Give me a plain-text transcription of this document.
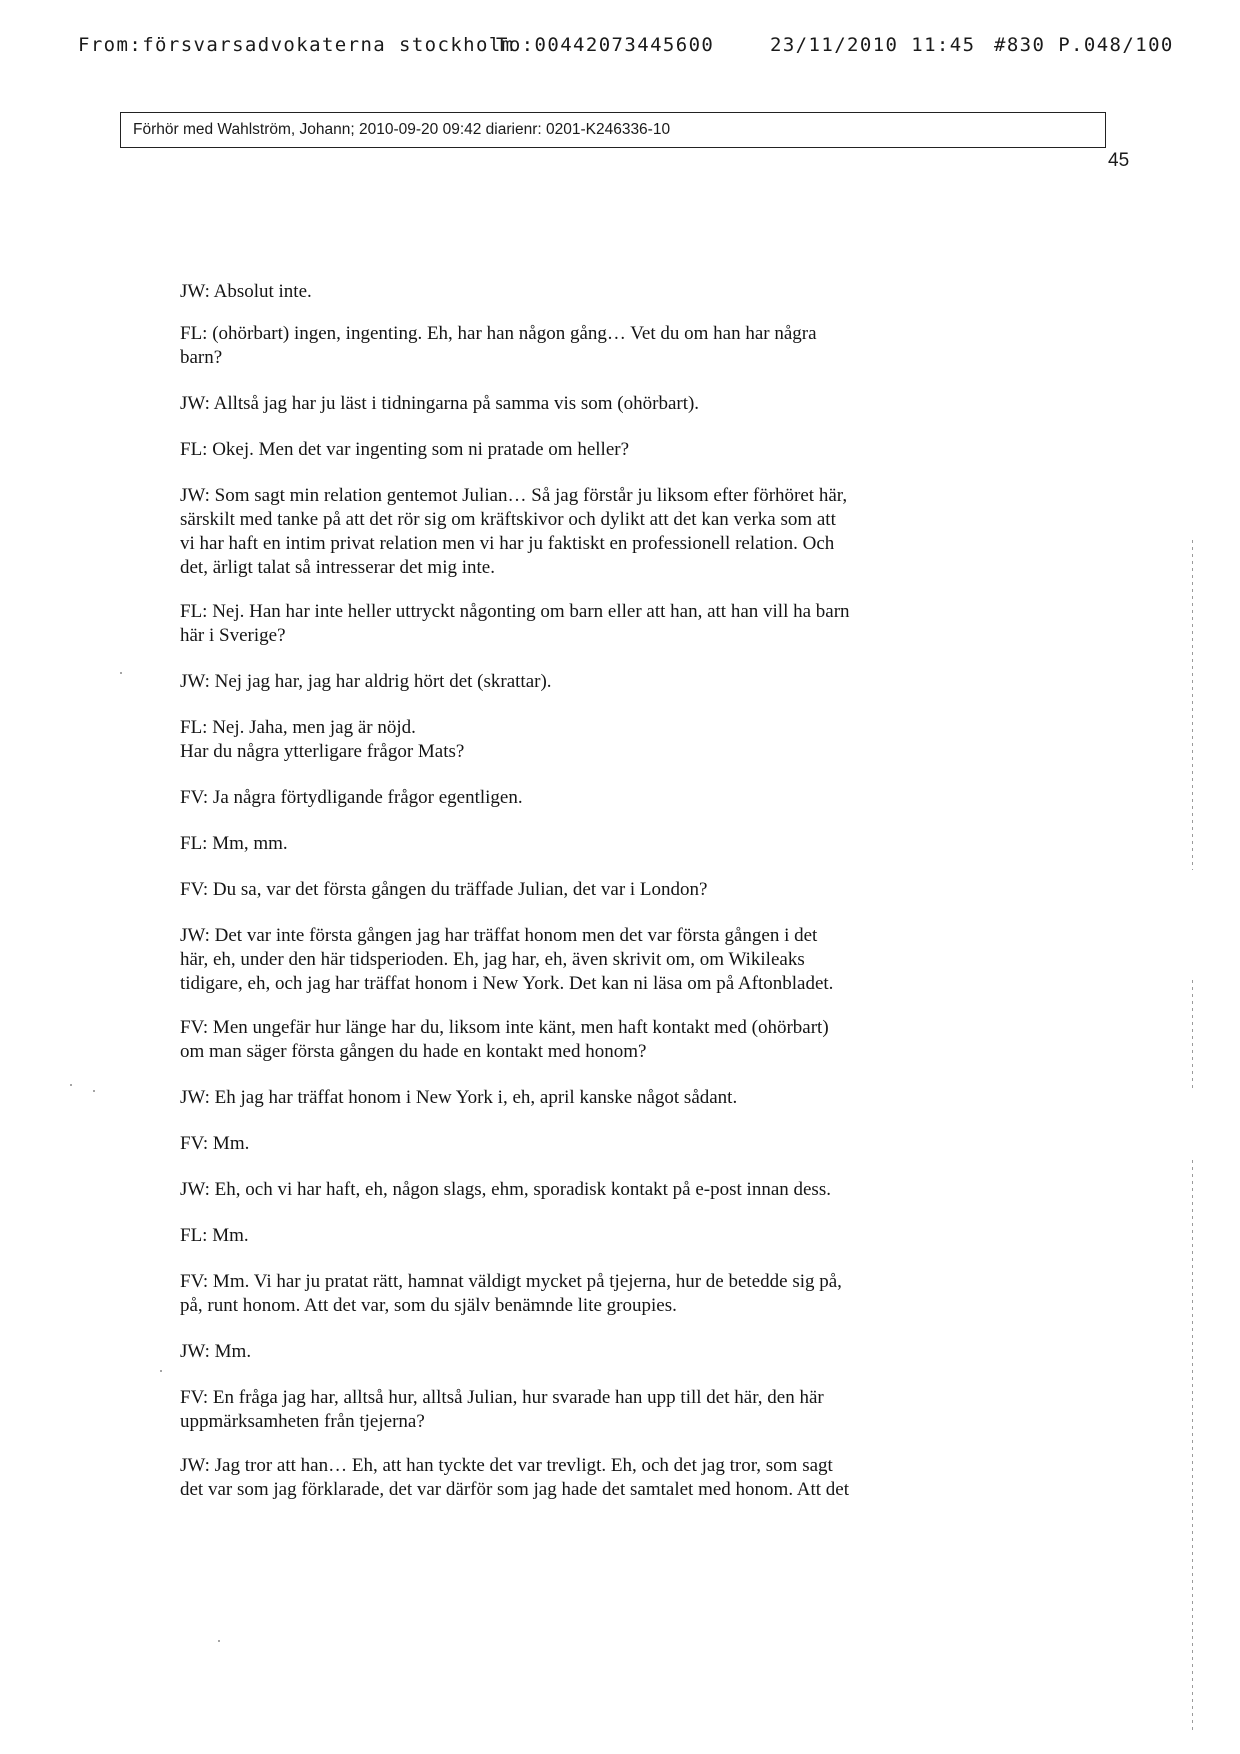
From:försvarsadvokaterna stockholm
To:00442073445600	23/11/2010 11:45 #830 P.048/100
Förhör med Wahlström, Johann; 2010-09-20 09:42 diarienr: 0201-K246336-10
45

JW: Absolut inte.

FL: (ohörbart) ingen, ingenting. Eh, har han någon gång… Vet du om han har några
barn?

JW: Alltså jag har ju läst i tidningarna på samma vis som (ohörbart).

FL: Okej. Men det var ingenting som ni pratade om heller?

JW: Som sagt min relation gentemot Julian… Så jag förstår ju liksom efter förhöret här,
särskilt med tanke på att det rör sig om kräftskivor och dylikt att det kan verka som att
vi har haft en intim privat relation men vi har ju faktiskt en professionell relation. Och
det, ärligt talat så intresserar det mig inte.

FL: Nej. Han har inte heller uttryckt någonting om barn eller att han, att han vill ha barn
här i Sverige?

JW: Nej jag har, jag har aldrig hört det (skrattar).

FL: Nej. Jaha, men jag är nöjd.
Har du några ytterligare frågor Mats?

FV: Ja några förtydligande frågor egentligen.

FL: Mm, mm.

FV: Du sa, var det första gången du träffade Julian, det var i London?

JW: Det var inte första gången jag har träffat honom men det var första gången i det
här, eh, under den här tidsperioden. Eh, jag har, eh, även skrivit om, om Wikileaks
tidigare, eh, och jag har träffat honom i New York. Det kan ni läsa om på Aftonbladet.

FV: Men ungefär hur länge har du, liksom inte känt, men haft kontakt med (ohörbart)
om man säger första gången du hade en kontakt med honom?

JW: Eh jag har träffat honom i New York i, eh, april kanske något sådant.

FV: Mm.

JW: Eh, och vi har haft, eh, någon slags, ehm, sporadisk kontakt på e-post innan dess.

FL: Mm.

FV: Mm. Vi har ju pratat rätt, hamnat väldigt mycket på tjejerna, hur de betedde sig på,
på, runt honom. Att det var, som du själv benämnde lite groupies.

JW: Mm.

FV: En fråga jag har, alltså hur, alltså Julian, hur svarade han upp till det här, den här
uppmärksamheten från tjejerna?

JW: Jag tror att han… Eh, att han tyckte det var trevligt. Eh, och det jag tror, som sagt
det var som jag förklarade, det var därför som jag hade det samtalet med honom. Att det
